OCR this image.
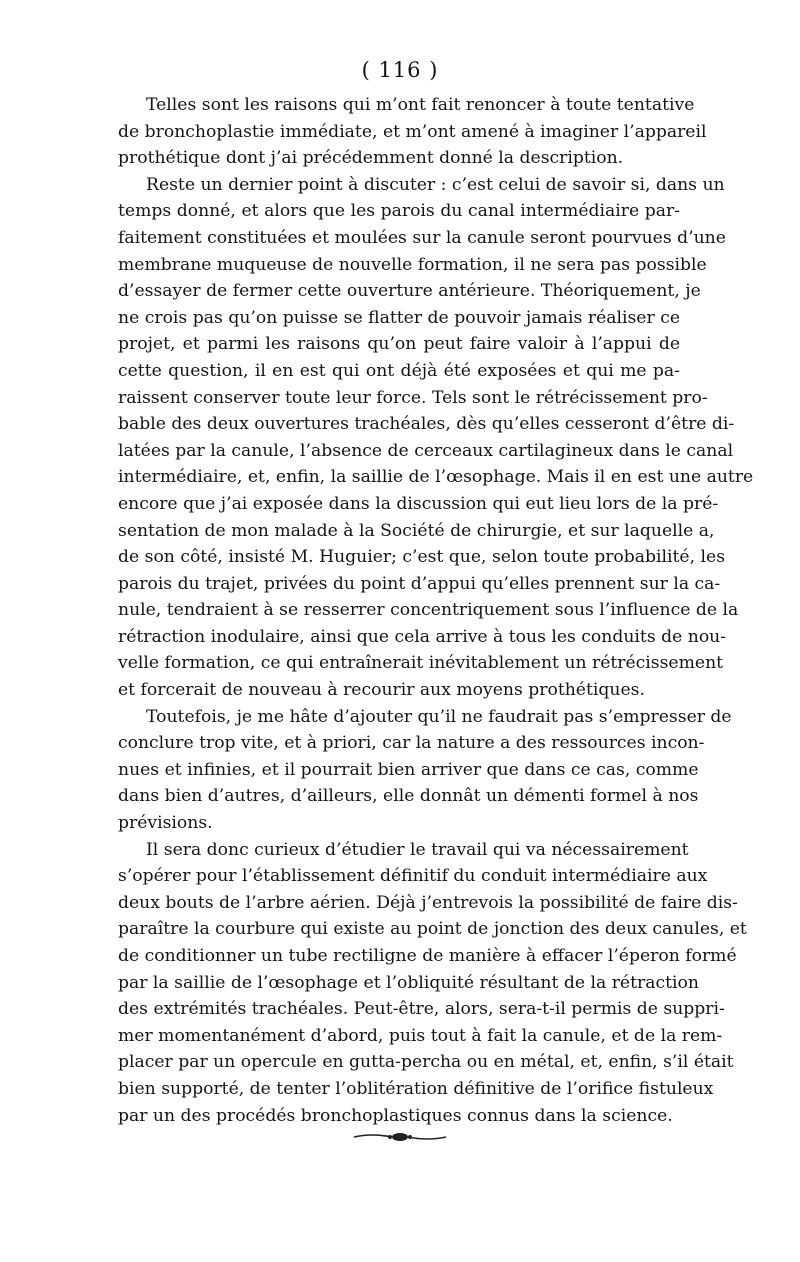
( 116 )

Telles sont les raisons qui m’ont fait renoncer à toute tentative
de bronchoplastie immédiate, et m’ont amené à imaginer l’appareil
prothétique dont j’ai précédemment donné la description.

Reste un dernier point à discuter : c’est celui de savoir si, dans un
temps donné, et alors que les parois du canal intermédiaire par-
faitement constituées et moulées sur la canule seront pourvues d’une
membrane muqueuse de nouvelle formation, il ne sera pas possible
d’essayer de fermer cette ouverture antérieure. Théoriquement, je
ne crois pas qu’on puisse se flatter de pouvoir jamais réaliser ce
projet, et parmi les raisons qu’on peut faire valoir à l’appui de
cette question, il en est qui ont déjà été exposées et qui me pa-
raissent conserver toute leur force. Tels sont le rétrécissement pro-
bable des deux ouvertures trachéales, dès qu’elles cesseront d’être di-
latées par la canule, l’absence de cerceaux cartilagineux dans le canal
intermédiaire, et, enfin, la saillie de l’œsophage. Mais il en est une autre
encore que j’ai exposée dans la discussion qui eut lieu lors de la pré-
sentation de mon malade à la Société de chirurgie, et sur laquelle a,
de son côté, insisté M. Huguier; c’est que, selon toute probabilité, les
parois du trajet, privées du point d’appui qu’elles prennent sur la ca-
nule, tendraient à se resserrer concentriquement sous l’influence de la
rétraction inodulaire, ainsi que cela arrive à tous les conduits de nou-
velle formation, ce qui entraînerait inévitablement un rétrécissement
et forcerait de nouveau à recourir aux moyens prothétiques.

Toutefois, je me hâte d’ajouter qu’il ne faudrait pas s’empresser de
conclure trop vite, et à priori, car la nature a des ressources incon-
nues et infinies, et il pourrait bien arriver que dans ce cas, comme
dans bien d’autres, d’ailleurs, elle donnât un démenti formel à nos
prévisions.

Il sera donc curieux d’étudier le travail qui va nécessairement
s’opérer pour l’établissement définitif du conduit intermédiaire aux
deux bouts de l’arbre aérien. Déjà j’entrevois la possibilité de faire dis-
paraître la courbure qui existe au point de jonction des deux canules, et
de conditionner un tube rectiligne de manière à effacer l’éperon formé
par la saillie de l’œsophage et l’obliquité résultant de la rétraction
des extrémités trachéales. Peut-être, alors, sera-t-il permis de suppri-
mer momentanément d’abord, puis tout à fait la canule, et de la rem-
placer par un opercule en gutta-percha ou en métal, et, enfin, s’il était
bien supporté, de tenter l’oblitération définitive de l’orifice fistuleux
par un des procédés bronchoplastiques connus dans la science.
